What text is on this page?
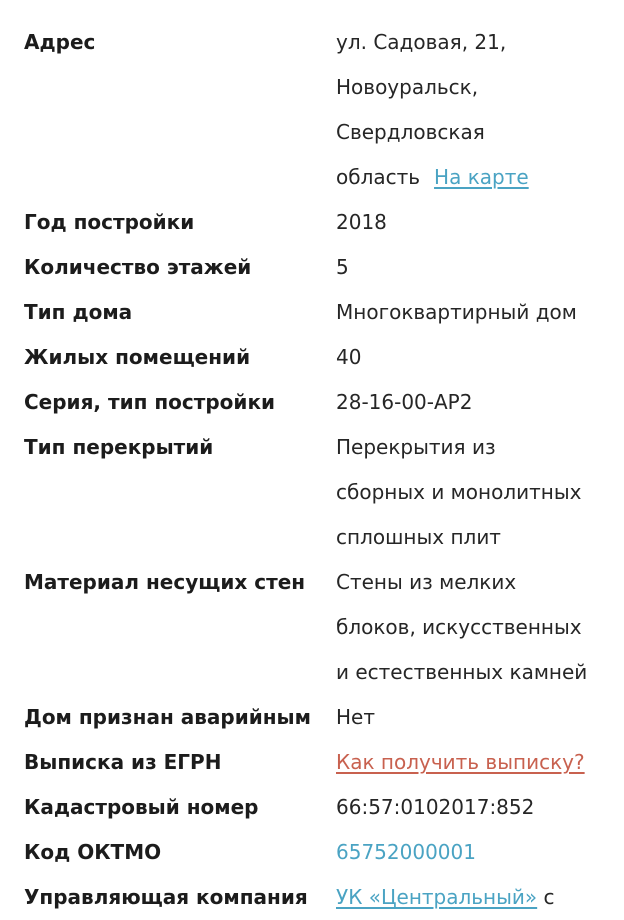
Адрес	ул. Садовая, 21,
Новоуральск,
Свердловская
область На карте
Год постройки	2018
Количество этажей	5
Тип дома	Многоквартирный дом
Жилых помещений	40
Серия, тип постройки	28-16-00-АР2
Тип перекрытий	Перекрытия из
сборных и монолитных
сплошных плит
Материал несущих стен	Стены из мелких
блоков, искусственных
и естественных камней
Дом признан аварийным	Нет
Выписка из ЕГРН	Как получить выписку?
Кадастровый номер	66:57:0102017:852
Код ОКТМО	65752000001
Управляющая компания	УК «Центральный» с
